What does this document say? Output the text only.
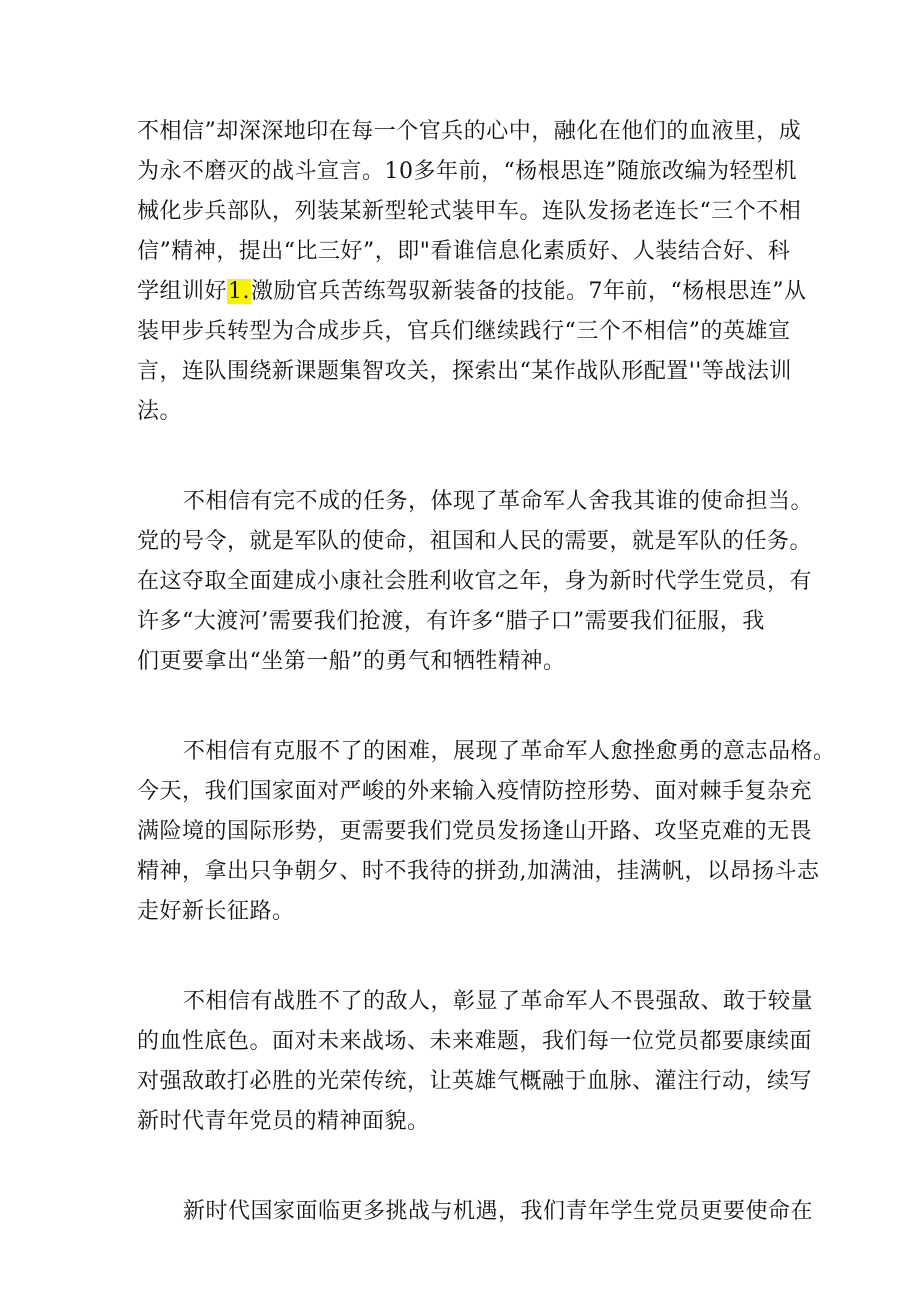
不相信”却深深地印在每一个官兵的心中，融化在他们的血液里，成
为永不磨灭的战斗宣言。10多年前，“杨根思连”随旅改编为轻型机
械化步兵部队，列装某新型轮式装甲车。连队发扬老连长“三个不相
信”精神，提出“比三好”，即"看谁信息化素质好、人装结合好、科
学组训好1.激励官兵苦练驾驭新装备的技能。7年前，“杨根思连”从
装甲步兵转型为合成步兵，官兵们继续践行“三个不相信”的英雄宣
言，连队围绕新课题集智攻关，探索出“某作战队形配置''等战法训
法。
不相信有完不成的任务，体现了革命军人舍我其谁的使命担当。
党的号令，就是军队的使命，祖国和人民的需要，就是军队的任务。
在这夺取全面建成小康社会胜利收官之年，身为新时代学生党员，有
许多“大渡河’需要我们抢渡，有许多“腊子口”需要我们征服，我
们更要拿出“坐第一船”的勇气和牺牲精神。
不相信有克服不了的困难，展现了革命军人愈挫愈勇的意志品格。
今天，我们国家面对严峻的外来输入疫情防控形势、面对棘手复杂充
满险境的国际形势，更需要我们党员发扬逢山开路、攻坚克难的无畏
精神，拿出只争朝夕、时不我待的拼劲,加满油，挂满帆，以昂扬斗志
走好新长征路。
不相信有战胜不了的敌人，彰显了革命军人不畏强敌、敢于较量
的血性底色。面对未来战场、未来难题，我们每一位党员都要康续面
对强敌敢打必胜的光荣传统，让英雄气概融于血脉、灌注行动，续写
新时代青年党员的精神面貌。
新时代国家面临更多挑战与机遇，我们青年学生党员更要使命在
